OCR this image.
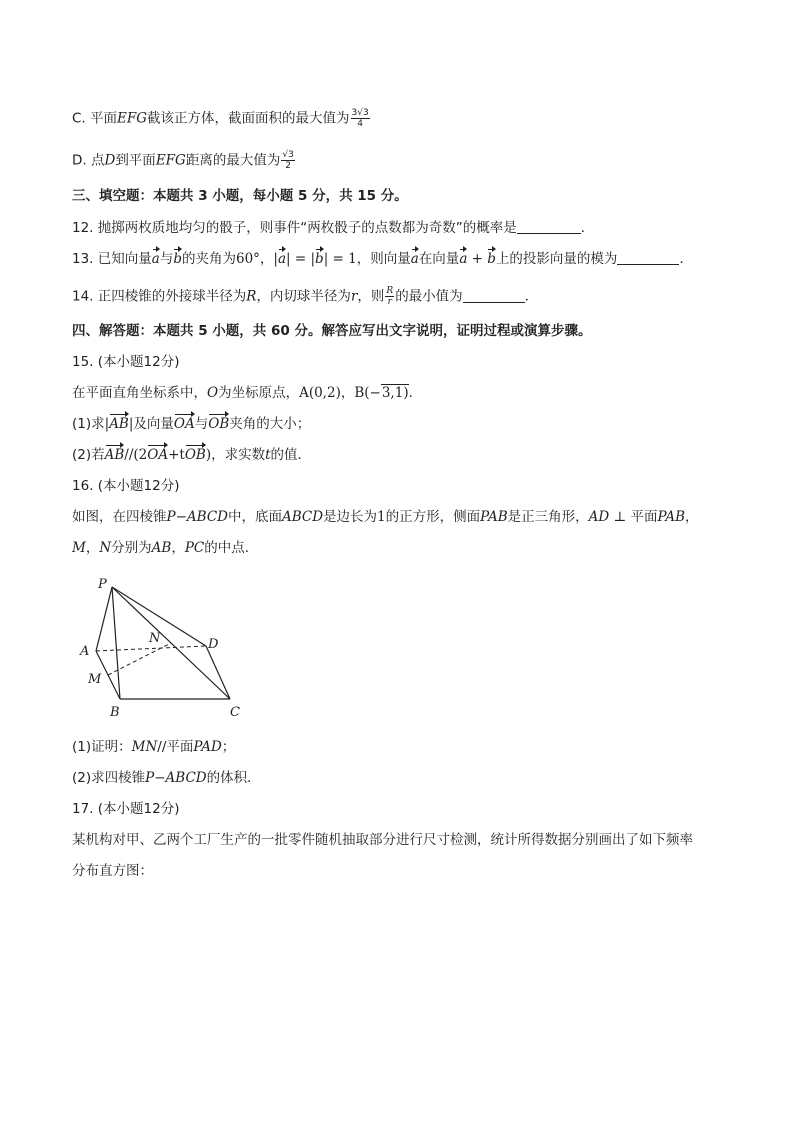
C. 平面EFG截该正方体，截面面积的最大值为 $\frac{3√3}{4}$
D. 点D到平面EFG距离的最大值为 $\frac{√3}{2}$
三、填空题：本题共 3 小题，每小题 5 分，共 15 分。
12. 抛掷两枚质地均匀的骰子，则事件“两枚骰子的点数都为奇数”的概率是	．
13. 已知向量a与b的夹角为60°，|a| = |b| = 1，则向量a在向量a + b上的投影向量的模为	．
14. 正四棱锥的外接球半径为R，内切球半径为r，则 $\frac{R}{r}$ 的最小值为	．
四、解答题：本题共 5 小题，共 60 分。解答应写出文字说明，证明过程或演算步骤。
15. (本小题12分)
在平面直角坐标系中，O为坐标原点，A(0,2)，B(−3,1)．
(1)求|AB|及向量OA与OB夹角的大小；
(2)若AB//(2OA+tOB)，求实数t的值．
16. (本小题12分)
如图，在四棱锥P−ABCD中，底面ABCD是边长为1的正方形，侧面PAB是正三角形，AD ⊥ 平面PAB，
M，N分别为AB，PC的中点．
P
A
M
B	C
D
N
(1)证明：MN//平面PAD；
(2)求四棱锥P−ABCD的体积．
17. (本小题12分)
某机构对甲、乙两个工厂生产的一批零件随机抽取部分进行尺寸检测，统计所得数据分别画出了如下频率
分布直方图：
